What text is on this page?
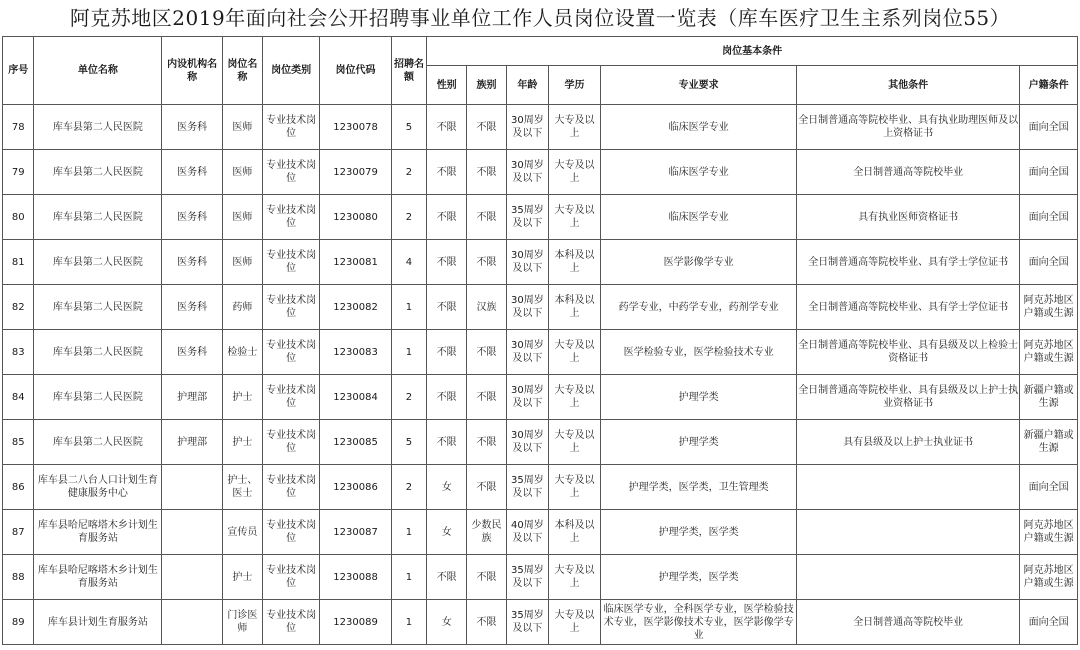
阿克苏地区2019年面向社会公开招聘事业单位工作人员岗位设置一览表（库车医疗卫生主系列岗位55）
序号	单位名称	内设机构名称	岗位名称	岗位类别	岗位代码	招聘名额	岗位基本条件						
							性别	族别	年龄	学历	专业要求	其他条件	户籍条件
78	库车县第二人民医院	医务科	医师	专业技术岗位	1230078	5	不限	不限	30周岁及以下	大专及以上	临床医学专业	全日制普通高等院校毕业、具有执业助理医师及以上资格证书	面向全国
79	库车县第二人民医院	医务科	医师	专业技术岗位	1230079	2	不限	不限	30周岁及以下	大专及以上	临床医学专业	全日制普通高等院校毕业	面向全国
80	库车县第二人民医院	医务科	医师	专业技术岗位	1230080	2	不限	不限	35周岁及以下	大专及以上	临床医学专业	具有执业医师资格证书	面向全国
81	库车县第二人民医院	医务科	医师	专业技术岗位	1230081	4	不限	不限	30周岁及以下	本科及以上	医学影像学专业	全日制普通高等院校毕业、具有学士学位证书	面向全国
82	库车县第二人民医院	医务科	药师	专业技术岗位	1230082	1	不限	汉族	30周岁及以下	本科及以上	药学专业，中药学专业，药剂学专业	全日制普通高等院校毕业、具有学士学位证书	阿克苏地区户籍或生源
83	库车县第二人民医院	医务科	检验士	专业技术岗位	1230083	1	不限	不限	30周岁及以下	大专及以上	医学检验专业，医学检验技术专业	全日制普通高等院校毕业、具有县级及以上检验士资格证书	阿克苏地区户籍或生源
84	库车县第二人民医院	护理部	护士	专业技术岗位	1230084	2	不限	不限	30周岁及以下	大专及以上	护理学类	全日制普通高等院校毕业、具有县级及以上护士执业资格证书	新疆户籍或生源
85	库车县第二人民医院	护理部	护士	专业技术岗位	1230085	5	不限	不限	30周岁及以下	大专及以上	护理学类	具有县级及以上护士执业证书	新疆户籍或生源
86	库车县二八台人口计划生育健康服务中心		护士、医士	专业技术岗位	1230086	2	女	不限	35周岁及以下	大专及以上	护理学类，医学类，卫生管理类		面向全国
87	库车县哈尼喀塔木乡计划生育服务站		宣传员	专业技术岗位	1230087	1	女	少数民族	40周岁及以下	本科及以上	护理学类，医学类		阿克苏地区户籍或生源
88	库车县哈尼喀塔木乡计划生育服务站		护士	专业技术岗位	1230088	1	不限	不限	35周岁及以下	大专及以上	护理学类，医学类		阿克苏地区户籍或生源
89	库车县计划生育服务站		门诊医师	专业技术岗位	1230089	1	女	不限	35周岁及以下	大专及以上	临床医学专业，全科医学专业，医学检验技术专业，医学影像技术专业，医学影像学专业	全日制普通高等院校毕业	面向全国
